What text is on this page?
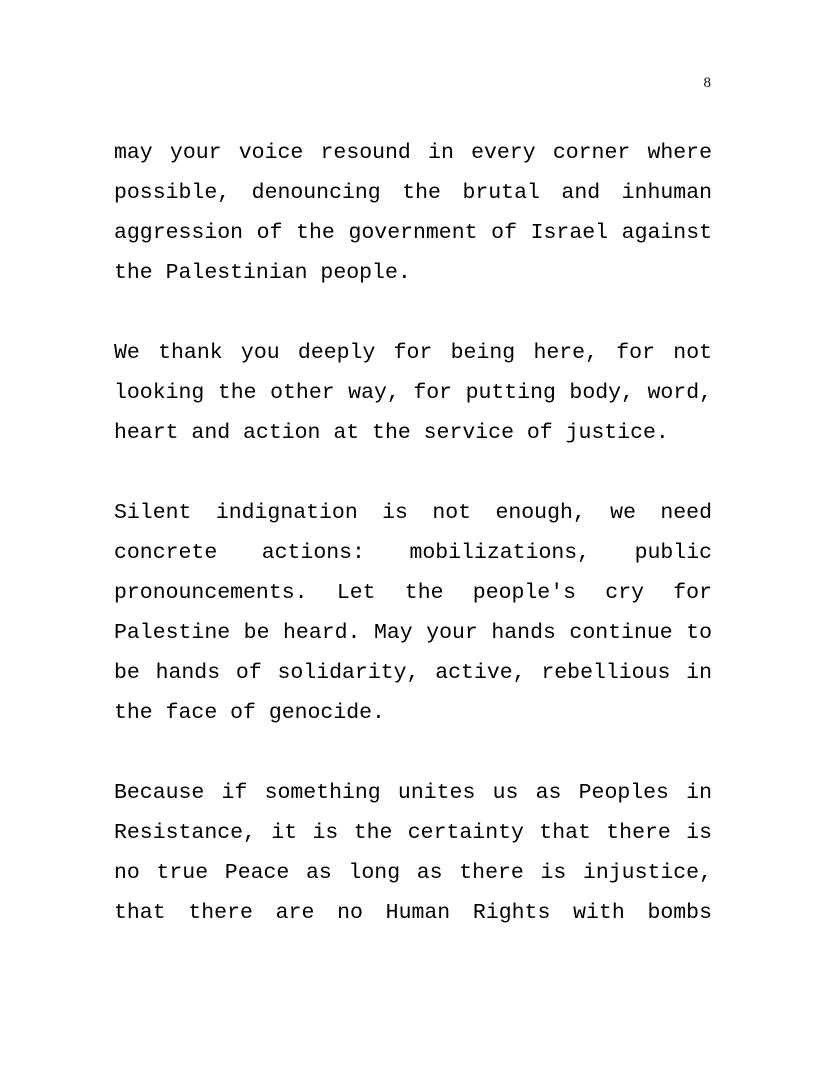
8

may your voice resound in every corner where possible, denouncing the brutal and inhuman aggression of the government of Israel against the Palestinian people.

We thank you deeply for being here, for not looking the other way, for putting body, word, heart and action at the service of justice.

Silent indignation is not enough, we need concrete actions: mobilizations, public pronouncements. Let the people's cry for Palestine be heard. May your hands continue to be hands of solidarity, active, rebellious in the face of genocide.

Because if something unites us as Peoples in Resistance, it is the certainty that there is no true Peace as long as there is injustice, that there are no Human Rights with bombs
